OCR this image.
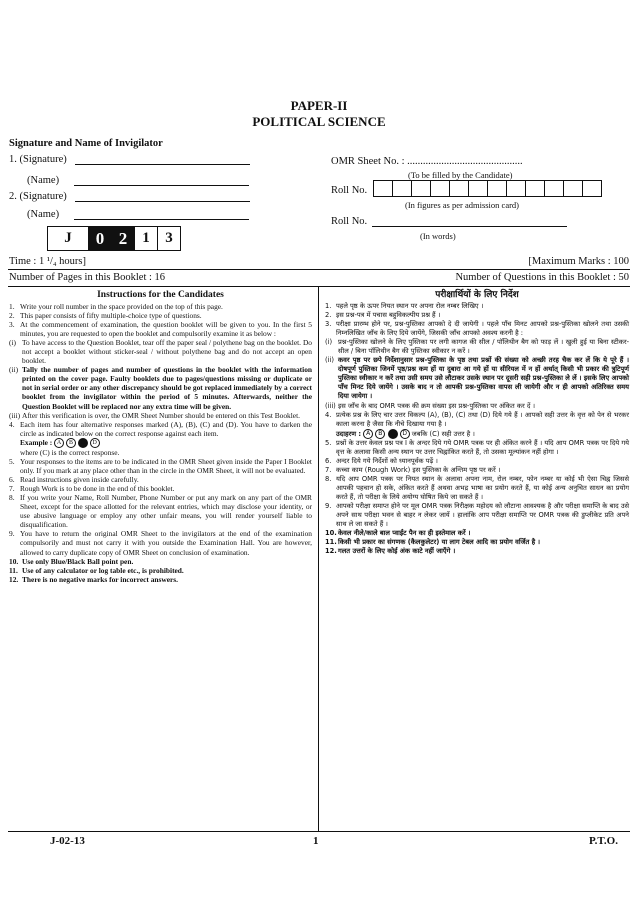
PAPER-II
POLITICAL SCIENCE
Signature and Name of Invigilator
1. (Signature)
(Name)
2. (Signature)
(Name)
J	0 2	1	3
OMR Sheet No. : ............................................
(To be filled by the Candidate)
Roll No.
(In figures as per admission card)
Roll No.
(In words)
Time : 1 ¹/₄ hours]	[Maximum Marks : 100
Number of Pages in this Booklet : 16	Number of Questions in this Booklet : 50
Instructions for the Candidates
1. Write your roll number in the space provided on the top of this page.
2. This paper consists of fifty multiple-choice type of questions.
3. At the commencement of examination, the question booklet will be given to you. In the first 5 minutes, you are requested to open the booklet and compulsorily examine it as below :
(i) To have access to the Question Booklet, tear off the paper seal / polythene bag on the booklet. Do not accept a booklet without sticker-seal / without polythene bag and do not accept an open booklet.
(ii) Tally the number of pages and number of questions in the booklet with the information printed on the cover page. Faulty booklets due to pages/questions missing or duplicate or not in serial order or any other discrepancy should be got replaced immediately by a correct booklet from the invigilator within the period of 5 minutes. Afterwards, neither the Question Booklet will be replaced nor any extra time will be given.
(iii) After this verification is over, the OMR Sheet Number should be entered on this Test Booklet.
4. Each item has four alternative responses marked (A), (B), (C) and (D). You have to darken the circle as indicated below on the correct response against each item.
Example : A B C D
where (C) is the correct response.
5. Your responses to the items are to be indicated in the OMR Sheet given inside the Paper I Booklet only. If you mark at any place other than in the circle in the OMR Sheet, it will not be evaluated.
6. Read instructions given inside carefully.
7. Rough Work is to be done in the end of this booklet.
8. If you write your Name, Roll Number, Phone Number or put any mark on any part of the OMR Sheet, except for the space allotted for the relevant entries, which may disclose your identity, or use abusive language or employ any other unfair means, you will render yourself liable to disqualification.
9. You have to return the original OMR Sheet to the invigilators at the end of the examination compulsorily and must not carry it with you outside the Examination Hall. You are however, allowed to carry duplicate copy of OMR Sheet on conclusion of examination.
10. Use only Blue/Black Ball point pen.
11. Use of any calculator or log table etc., is prohibited.
12. There is no negative marks for incorrect answers.
परीक्षार्थियों के लिए निर्देश
1. पहले पृष्ठ के ऊपर नियत स्थान पर अपना रोल नम्बर लिखिए ।
2. इस प्रश्न-पत्र में पचास बहुविकल्पीय प्रश्न हैं ।
3. परीक्षा प्रारम्भ होने पर, प्रश्न-पुस्तिका आपको दे दी जायेगी । पहले पाँच मिनट आपको प्रश्न-पुस्तिका खोलने तथा उसकी निम्नलिखित जाँच के लिए दिये जायेंगे, जिसकी जाँच आपको अवश्य करनी है :
(i) प्रश्न-पुस्तिका खोलने के लिए पुस्तिका पर लगी कागज की सील / पॉलिथीन बैग को फाड़ लें । खुली हुई या बिना स्टीकर-सील / बिना पॉलिथीन बैग की पुस्तिका स्वीकार न करें ।
(ii) कवर पृष्ठ पर छपे निर्देशानुसार प्रश्न-पुस्तिका के पृष्ठ तथा प्रश्नों की संख्या को अच्छी तरह चैक कर लें कि ये पूरे हैं । दोषपूर्ण पुस्तिका जिनमें पृष्ठ/प्रश्न कम हों या दुबारा आ गये हों या सीरियल में न हों अर्थात् किसी भी प्रकार की त्रुटिपूर्ण पुस्तिका स्वीकार न करें तथा उसी समय उसे लौटाकर उसके स्थान पर दूसरी सही प्रश्न-पुस्तिका ले लें । इसके लिए आपको पाँच मिनट दिये जायेंगे । उसके बाद न तो आपकी प्रश्न-पुस्तिका वापस ली जायेगी और न ही आपको अतिरिक्त समय दिया जायेगा ।
(iii) इस जाँच के बाद OMR पत्रक की क्रम संख्या इस प्रश्न-पुस्तिका पर अंकित कर दें ।
4. प्रत्येक प्रश्न के लिए चार उत्तर विकल्प (A), (B), (C) तथा (D) दिये गये हैं । आपको सही उत्तर के वृत्त को पेन से भरकर काला करना है जैसा कि नीचे दिखाया गया है ।
उदाहरण : A B C D जबकि (C) सही उत्तर है ।
5. प्रश्नों के उत्तर केवल प्रश्न पत्र I के अन्दर दिये गये OMR पत्रक पर ही अंकित करने हैं । यदि आप OMR पत्रक पर दिये गये वृत्त के अलावा किसी अन्य स्थान पर उत्तर चिह्नांकित करते हैं, तो उसका मूल्यांकन नहीं होगा ।
6. अन्दर दिये गये निर्देशों को ध्यानपूर्वक पढ़ें ।
7. कच्चा काम (Rough Work) इस पुस्तिका के अन्तिम पृष्ठ पर करें ।
8. यदि आप OMR पत्रक पर नियत स्थान के अलावा अपना नाम, रोल नम्बर, फोन नम्बर या कोई भी ऐसा चिह्न जिससे आपकी पहचान हो सके, अंकित करते हैं अथवा अभद्र भाषा का प्रयोग करते हैं, या कोई अन्य अनुचित साधन का प्रयोग करते हैं, तो परीक्षा के लिये अयोग्य घोषित किये जा सकते हैं ।
9. आपको परीक्षा समाप्त होने पर मूल OMR पत्रक निरीक्षक महोदय को लौटाना आवश्यक है और परीक्षा समाप्ति के बाद उसे अपने साथ परीक्षा भवन से बाहर न लेकर जायें । हालांकि आप परीक्षा समाप्ति पर OMR पत्रक की डुप्लीकेट प्रति अपने साथ ले जा सकते हैं ।
10. केवल नीले/काले बाल प्वाईंट पैन का ही इस्तेमाल करें ।
11. किसी भी प्रकार का संगणक (कैलकुलेटर) या लाग टेबल आदि का प्रयोग वर्जित है ।
12. गलत उत्तरों के लिए कोई अंक काटे नहीं जाएँगे ।
J-02-13	1	P.T.O.
